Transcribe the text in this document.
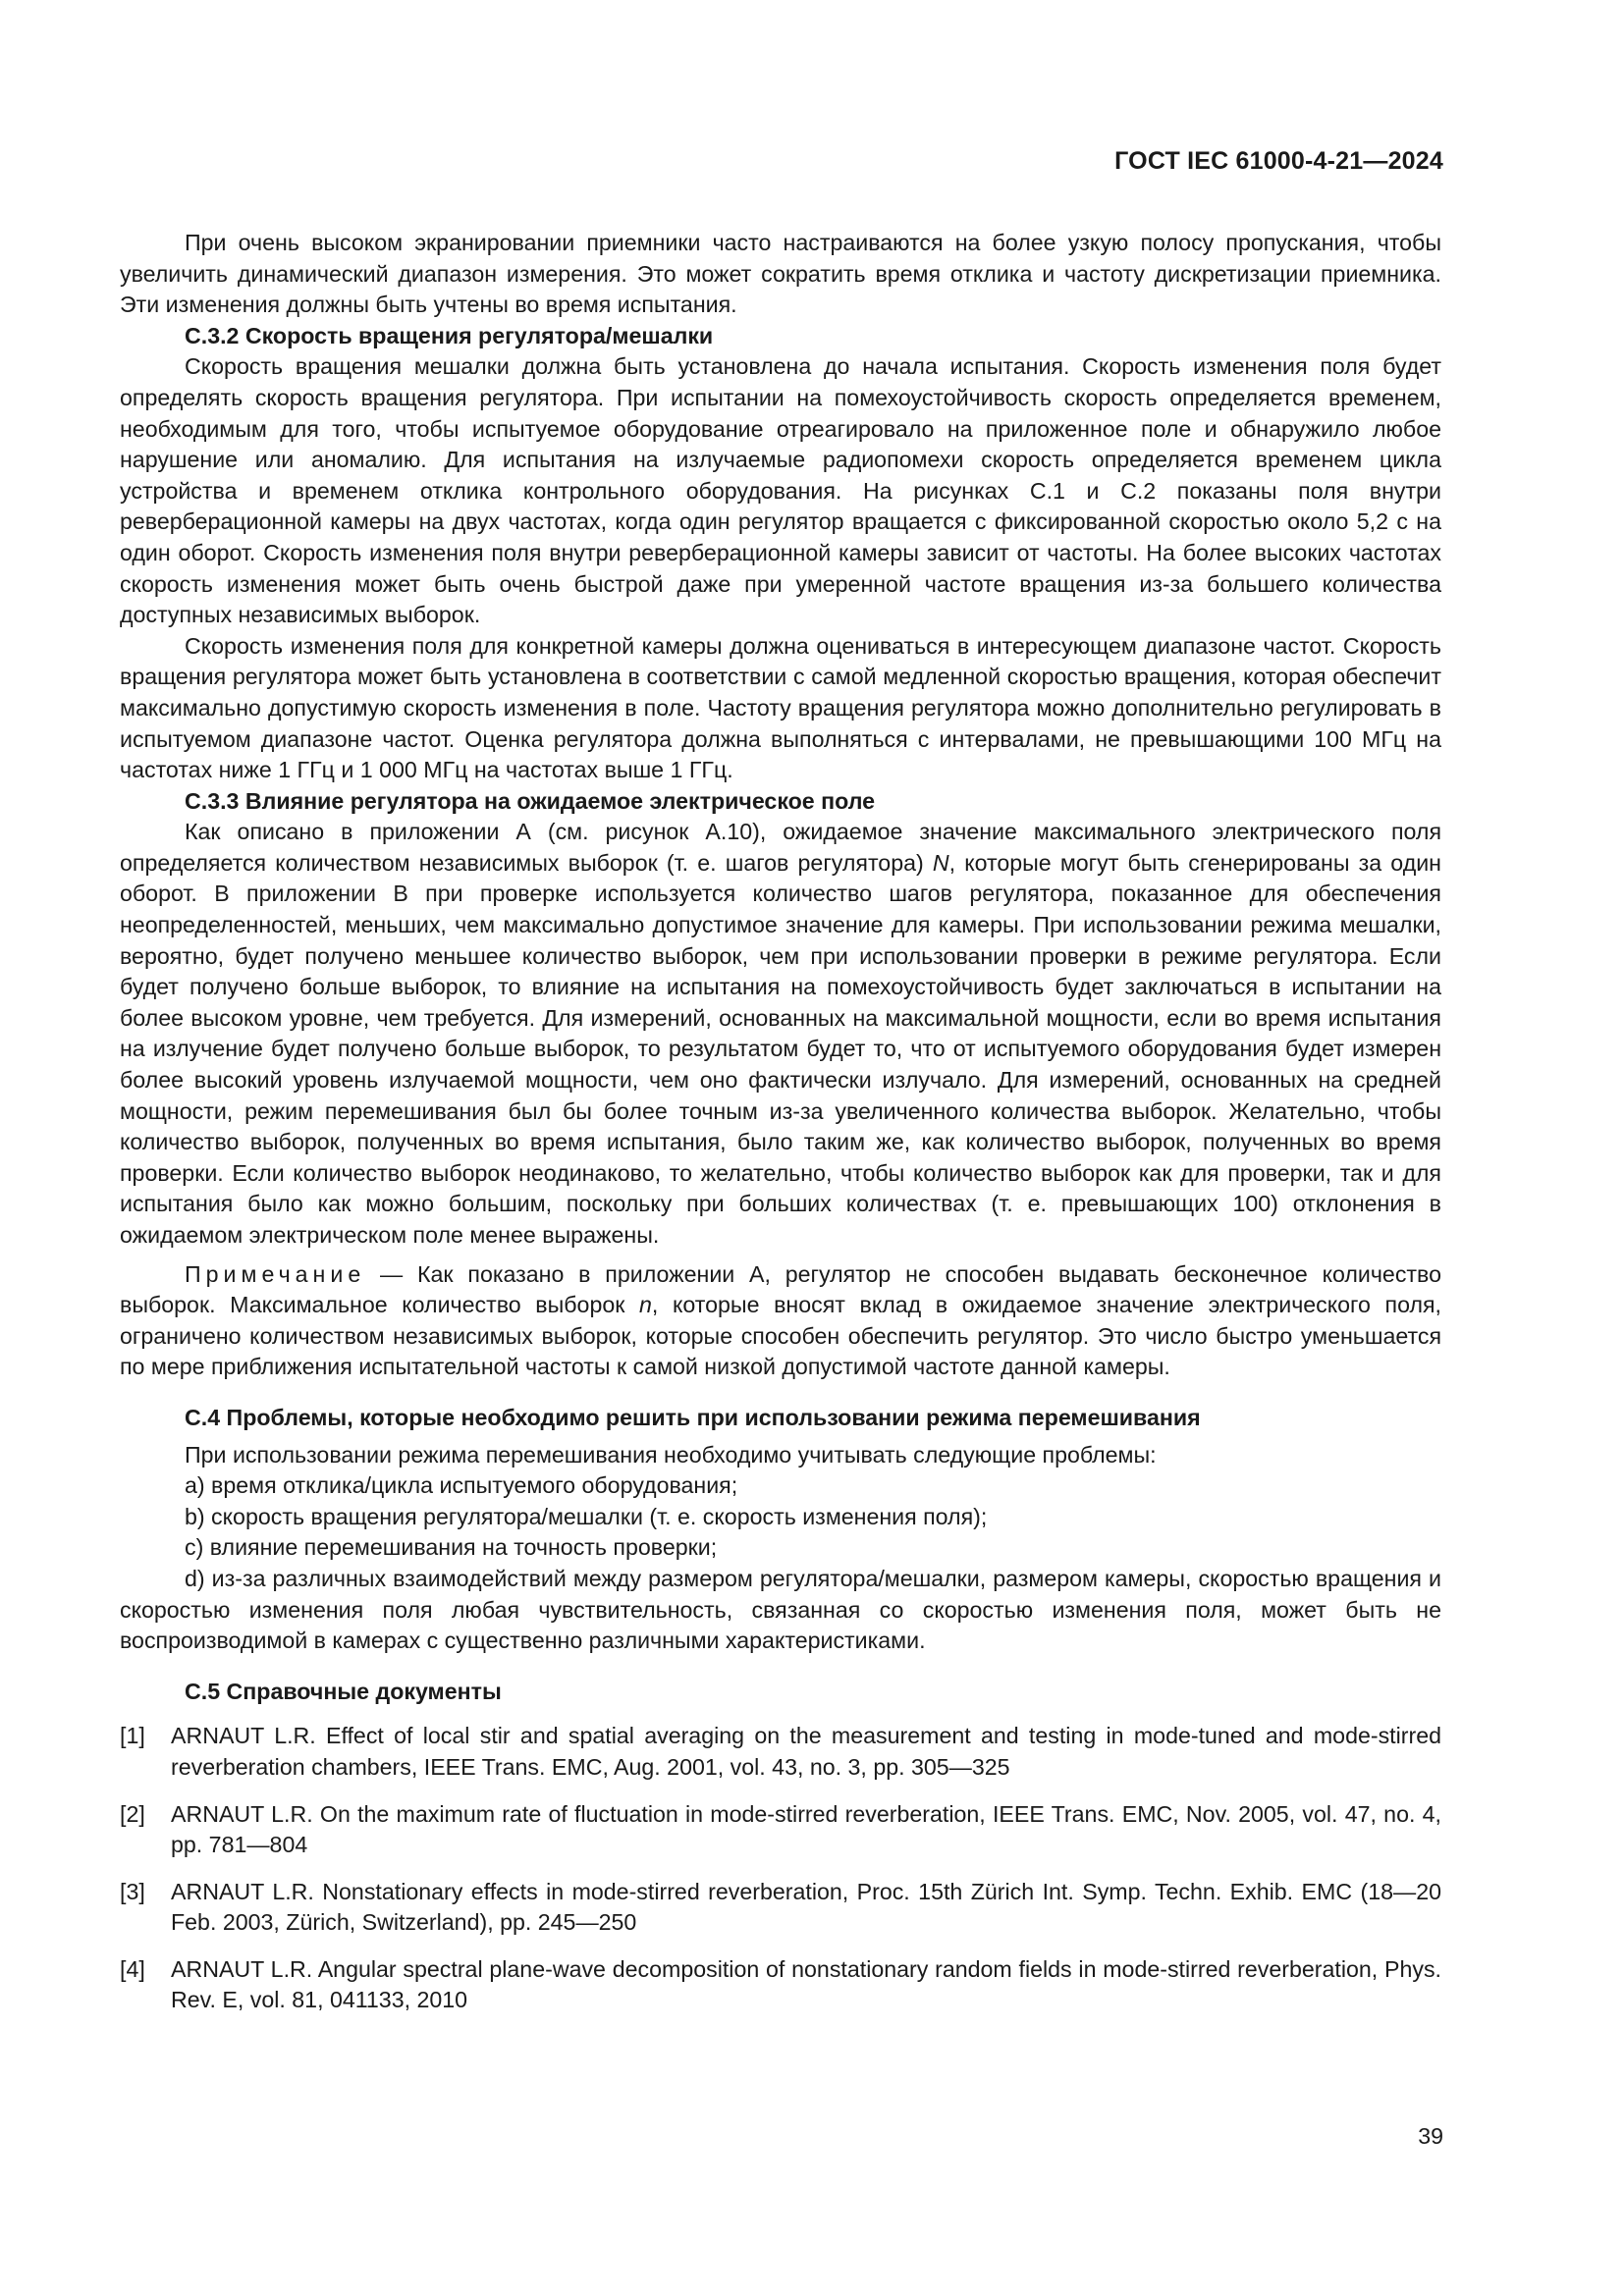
ГОСТ IEC 61000-4-21—2024

При очень высоком экранировании приемники часто настраиваются на более узкую полосу пропускания, чтобы увеличить динамический диапазон измерения. Это может сократить время отклика и частоту дискретизации приемника. Эти изменения должны быть учтены во время испытания.

С.3.2 Скорость вращения регулятора/мешалки

Скорость вращения мешалки должна быть установлена до начала испытания. Скорость изменения поля будет определять скорость вращения регулятора. При испытании на помехоустойчивость скорость определяется временем, необходимым для того, чтобы испытуемое оборудование отреагировало на приложенное поле и обнаружило любое нарушение или аномалию. Для испытания на излучаемые радиопомехи скорость определяется временем цикла устройства и временем отклика контрольного оборудования. На рисунках С.1 и С.2 показаны поля внутри реверберационной камеры на двух частотах, когда один регулятор вращается с фиксированной скоростью около 5,2 с на один оборот. Скорость изменения поля внутри реверберационной камеры зависит от частоты. На более высоких частотах скорость изменения может быть очень быстрой даже при умеренной частоте вращения из-за большего количества доступных независимых выборок.

Скорость изменения поля для конкретной камеры должна оцениваться в интересующем диапазоне частот. Скорость вращения регулятора может быть установлена в соответствии с самой медленной скоростью вращения, которая обеспечит максимально допустимую скорость изменения в поле. Частоту вращения регулятора можно дополнительно регулировать в испытуемом диапазоне частот. Оценка регулятора должна выполняться с интервалами, не превышающими 100 МГц на частотах ниже 1 ГГц и 1 000 МГц на частотах выше 1 ГГц.

С.3.3 Влияние регулятора на ожидаемое электрическое поле

Как описано в приложении А (см. рисунок А.10), ожидаемое значение максимального электрического поля определяется количеством независимых выборок (т. е. шагов регулятора) N, которые могут быть сгенерированы за один оборот. В приложении В при проверке используется количество шагов регулятора, показанное для обеспечения неопределенностей, меньших, чем максимально допустимое значение для камеры. При использовании режима мешалки, вероятно, будет получено меньшее количество выборок, чем при использовании проверки в режиме регулятора. Если будет получено больше выборок, то влияние на испытания на помехоустойчивость будет заключаться в испытании на более высоком уровне, чем требуется. Для измерений, основанных на максимальной мощности, если во время испытания на излучение будет получено больше выборок, то результатом будет то, что от испытуемого оборудования будет измерен более высокий уровень излучаемой мощности, чем оно фактически излучало. Для измерений, основанных на средней мощности, режим перемешивания был бы более точным из-за увеличенного количества выборок. Желательно, чтобы количество выборок, полученных во время испытания, было таким же, как количество выборок, полученных во время проверки. Если количество выборок неодинаково, то желательно, чтобы количество выборок как для проверки, так и для испытания было как можно большим, поскольку при больших количествах (т. е. превышающих 100) отклонения в ожидаемом электрическом поле менее выражены.

Примечание — Как показано в приложении А, регулятор не способен выдавать бесконечное количество выборок. Максимальное количество выборок n, которые вносят вклад в ожидаемое значение электрического поля, ограничено количеством независимых выборок, которые способен обеспечить регулятор. Это число быстро уменьшается по мере приближения испытательной частоты к самой низкой допустимой частоте данной камеры.

С.4 Проблемы, которые необходимо решить при использовании режима перемешивания

При использовании режима перемешивания необходимо учитывать следующие проблемы:

a) время отклика/цикла испытуемого оборудования;

b) скорость вращения регулятора/мешалки (т. е. скорость изменения поля);

c) влияние перемешивания на точность проверки;

d) из-за различных взаимодействий между размером регулятора/мешалки, размером камеры, скоростью вращения и скоростью изменения поля любая чувствительность, связанная со скоростью изменения поля, может быть не воспроизводимой в камерах с существенно различными характеристиками.

С.5 Справочные документы
[1]	ARNAUT L.R. Effect of local stir and spatial averaging on the measurement and testing in mode-tuned and mode-stirred reverberation chambers, IEEE Trans. EMC, Aug. 2001, vol. 43, no. 3, pp. 305—325
[2]	ARNAUT L.R. On the maximum rate of fluctuation in mode-stirred reverberation, IEEE Trans. EMC, Nov. 2005, vol. 47, no. 4, pp. 781—804
[3]	ARNAUT L.R. Nonstationary effects in mode-stirred reverberation, Proc. 15th Zürich Int. Symp. Techn. Exhib. EMC (18—20 Feb. 2003, Zürich, Switzerland), pp. 245—250
[4]	ARNAUT L.R. Angular spectral plane-wave decomposition of nonstationary random fields in mode-stirred reverberation, Phys. Rev. E, vol. 81, 041133, 2010
39
